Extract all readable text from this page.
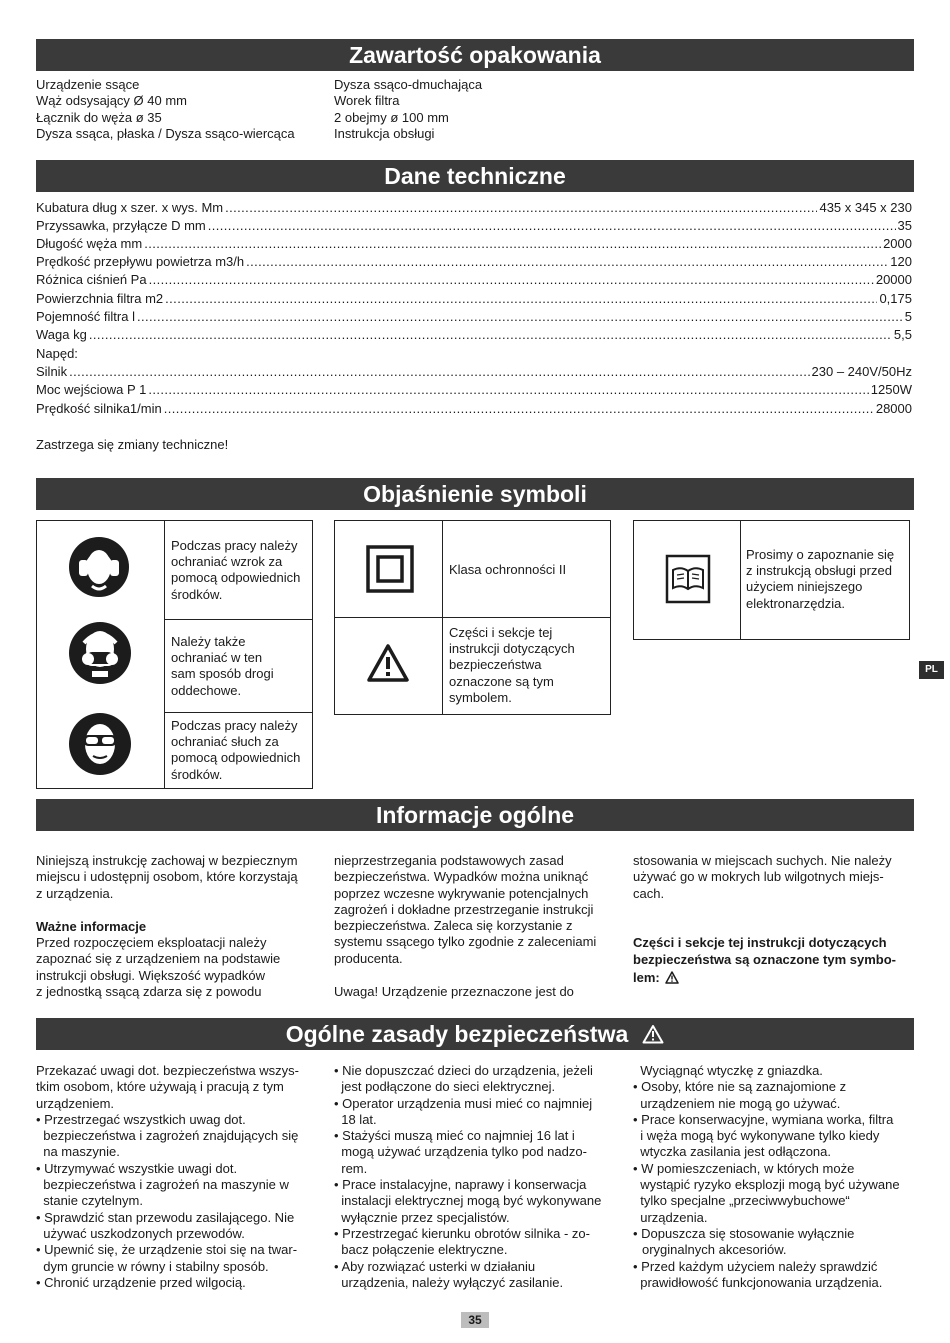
Zawartość opakowania
Urządzenie ssące
Wąż odsysający Ø 40 mm
Łącznik do węża ø 35
Dysza ssąca, płaska / Dysza ssąco-wiercąca
Dysza ssąco-dmuchająca
Worek filtra
2 obejmy ø 100 mm
Instrukcja obsługi
Dane techniczne
Kubatura dług x szer. x wys. Mm .....	435 x 345 x 230
Przyssawka, przyłącze D mm .....	35
Długość węża mm .....	2000
Prędkość przepływu powietrza m3/h .....	120
Różnica ciśnień Pa .....	20000
Powierzchnia filtra m2 .....	0,175
Pojemność filtra l .....	5
Waga kg .....	5,5
Napęd:
Silnik .....	230 – 240V/50Hz
Moc wejściowa P 1 .....	1250W
Prędkość silnika1/min .....	28000
Zastrzega się zmiany techniczne!
Objaśnienie symboli
Podczas pracy należy
ochraniać wzrok za
pomocą odpowiednich
środków.
Należy także
ochraniać w ten
sam sposób drogi
oddechowe.
Podczas pracy należy
ochraniać słuch za
pomocą odpowiednich
środków.
Klasa ochronności II
Części i sekcje tej
instrukcji dotyczących
bezpieczeństwa
oznaczone są tym
symbolem.
Prosimy o zapoznanie się
z instrukcją obsługi przed
użyciem niniejszego
elektronarzędzia.
PL
Informacje ogólne

Niniejszą instrukcję zachowaj w bezpiecznym

miejscu i udostępnij osobom, które korzystają

z urządzenia.

Ważne informacje

Przed rozpoczęciem eksploatacji należy

zapoznać się z urządzeniem na podstawie

instrukcji obsługi. Większość wypadków

z jednostką ssącą zdarza się z powodu

nieprzestrzegania podstawowych zasad

bezpieczeństwa. Wypadków można uniknąć

poprzez wczesne wykrywanie potencjalnych

zagrożeń i dokładne przestrzeganie instrukcji

bezpieczeństwa. Zaleca się korzystanie z

systemu ssącego tylko zgodnie z zaleceniami

producenta.

Uwaga! Urządzenie przeznaczone jest do

stosowania w miejscach suchych. Nie należy

używać go w mokrych lub wilgotnych miejs-

cach.

Części i sekcje tej instrukcji dotyczących

bezpieczeństwa są oznaczone tym symbo-

lem:

Ogólne zasady bezpieczeństwa

Przekazać uwagi dot. bezpieczeństwa wszys-

tkim osobom, które używają i pracują z tym

urządzeniem.

• Przestrzegać wszystkich uwag dot.

bezpieczeństwa i zagrożeń znajdujących się

na maszynie.

• Utrzymywać wszystkie uwagi dot.

bezpieczeństwa i zagrożeń na maszynie w

stanie czytelnym.

• Sprawdzić stan przewodu zasilającego. Nie

używać uszkodzonych przewodów.

• Upewnić się, że urządzenie stoi się na twar-

dym gruncie w równy i stabilny sposób.

• Chronić urządzenie przed wilgocią.

• Nie dopuszczać dzieci do urządzenia, jeżeli

jest podłączone do sieci elektrycznej.

• Operator urządzenia musi mieć co najmniej

18 lat.

• Stażyści muszą mieć co najmniej 16 lat i

mogą używać urządzenia tylko pod nadzo-

rem.

• Prace instalacyjne, naprawy i konserwacja

instalacji elektrycznej mogą być wykonywane

wyłącznie przez specjalistów.

• Przestrzegać kierunku obrotów silnika - zo-

bacz połączenie elektryczne.

• Aby rozwiązać usterki w działaniu

urządzenia, należy wyłączyć zasilanie.

Wyciągnąć wtyczkę z gniazdka.

• Osoby, które nie są zaznajomione z

urządzeniem nie mogą go używać.

• Prace konserwacyjne, wymiana worka, filtra

i węża mogą być wykonywane tylko kiedy

wtyczka zasilania jest odłączona.

• W pomieszczeniach, w których może

wystąpić ryzyko eksplozji mogą być używane

tylko specjalne „przeciwwybuchowe“

urządzenia.

• Dopuszcza się stosowanie wyłącznie oryginalnych akcesoriów.

• Przed każdym użyciem należy sprawdzić

prawidłowość funkcjonowania urządzenia.

35
